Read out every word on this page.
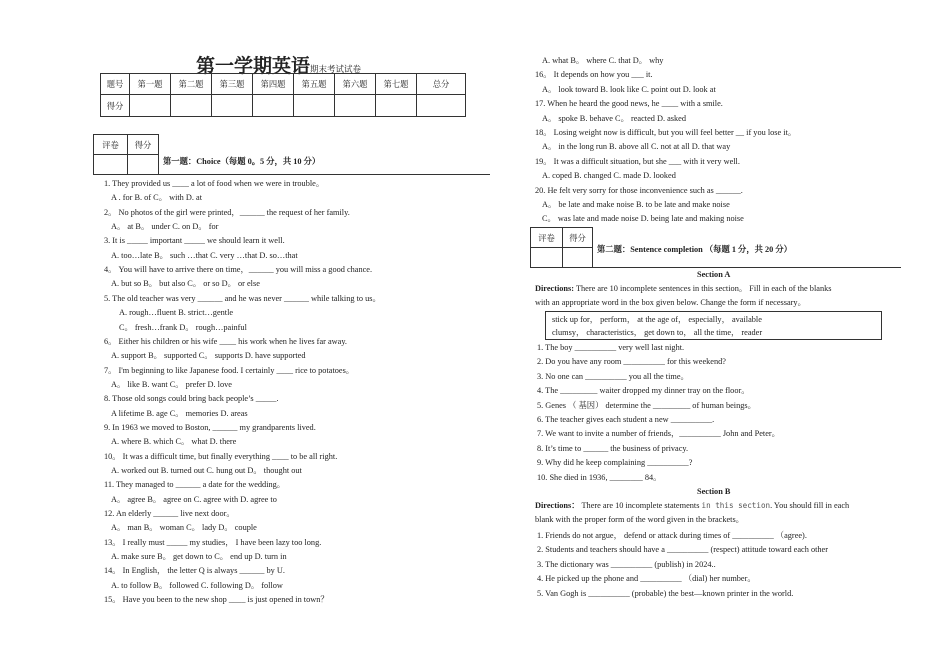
第一学期英语期末考试试卷
题号	第一题	第二题	第三题	第四题	第五题	第六题	第七题	总分
得分								
评卷	得分

第一题：Choice（每题 0。5 分，共 10 分）
1. They provided us ____ a lot of food when we were in trouble。
A . for B. of C。 with D. at
2。 No photos of the girl were printed，______ the request of her family.
A。 at B。 under C. on D。 for
3. It is _____ important _____ we should learn it well.
A. too…late B。 such …that C. very …that D. so…that
4。 You will have to arrive there on time，______ you will miss a good chance.
A. but so B。 but also C。 or so D。 or else
5. The old teacher was very ______ and he was never ______ while talking to us。
A. rough…fluent B. strict…gentle
C。 fresh…frank D。 rough…painful
6。 Either his children or his wife ____ his work when he lives far away.
A. support B。 supported C。 supports D. have supported
7。 I'm beginning to like Japanese food. I certainly ____ rice to potatoes。
A。 like B. want C。 prefer D. love
8. Those old songs could bring back people’s _____.
A lifetime B. age C。 memories D. areas
9. In 1963 we moved to Boston, ______ my grandparents lived.
A. where B. which C。 what D. there
10。 It was a difficult time, but finally everything ____ to be all right.
A. worked out B. turned out C. hung out D。 thought out
11. They managed to ______ a date for the wedding。
A。 agree B。 agree on C. agree with D. agree to
12. An elderly ______ live next door。
A。 man B。 woman C。 lady D。 couple
13。 I really must _____ my studies， I have been lazy too long.
A. make sure B。 get down to C。 end up D. turn in
14。 In English， the letter Q is always ______ by U.
A. to follow B。 followed C. following D。 follow
15。 Have you been to the new shop ____ is just opened in town？
A. what B。 where C. that D。 why
16。 It depends on how you ___ it.
A。 look toward B. look like C. point out D. look at
17. When he heard the good news, he ____ with a smile.
A。 spoke B. behave C。 reacted D. asked
18。 Losing weight now is difficult, but you will feel better __ if you lose it。
A。 in the long run B. above all C. not at all D. that way
19。 It was a difficult situation, but she ___ with it very well.
A. coped B. changed C. made D. looked
20. He felt very sorry for those inconvenience such as ______.
A。 be late and make noise B. to be late and make noise
C。 was late and made noise D. being late and making noise
评卷	得分

第二题：Sentence completion （每题 1 分，共 20 分）
Section A
Directions: There are 10 incomplete sentences in this section。 Fill in each of the blanks
with an appropriate word in the box given below. Change the form if necessary。
stick up for， perform， at the age of， especially， available
clumsy， characteristics， get down to， all the time， reader
1. The boy __________ very well last night.
2. Do you have any room __________ for this weekend?
3. No one can __________ you all the time。
4. The _________ waiter dropped my dinner tray on the floor。
5. Genes （ 基因） determine the _________ of human beings。
6. The teacher gives each student a new __________.
7. We want to invite a number of friends，__________ John and Peter。
8. It’s time to ______ the business of privacy.
9. Why did he keep complaining __________?
10. She died in 1936, ________ 84。
Section B
Directions： There are 10 incomplete statements in this section. You should fill in each
blank with the proper form of the word given in the brackets。
1. Friends do not argue， defend or attack during times of __________ （agree).
2. Students and teachers should have a __________ (respect) attitude toward each other
3. The dictionary was __________ (publish) in 2024..
4. He picked up the phone and __________ （dial) her number。
5. Van Gogh is __________ (probable) the best—known printer in the world.
